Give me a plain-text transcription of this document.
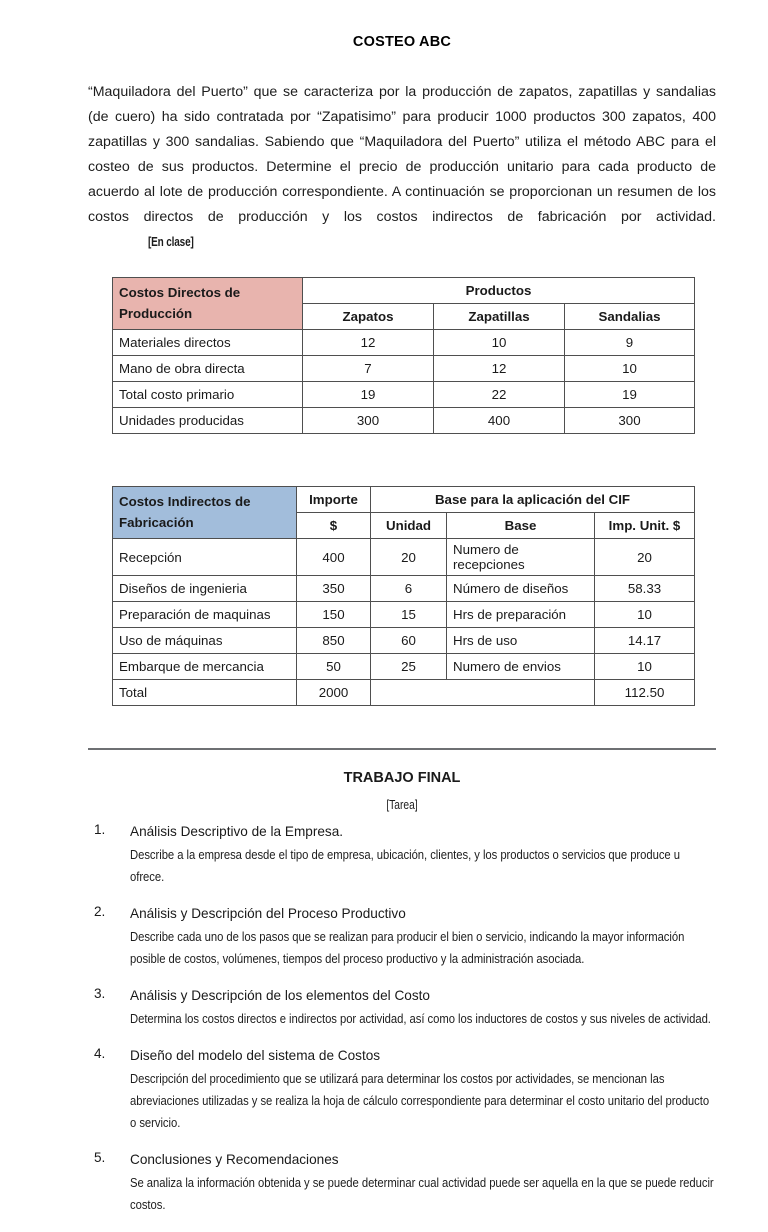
COSTEO ABC

“Maquiladora del Puerto” que se caracteriza por la producción de zapatos, zapatillas y sandalias (de cuero) ha sido contratada por “Zapatisimo” para producir 1000 productos 300 zapatos, 400 zapatillas y 300 sandalias. Sabiendo que “Maquiladora del Puerto” utiliza el método ABC para el costeo de sus productos. Determine el precio de producción unitario para cada producto de acuerdo al lote de producción correspondiente. A continuación se proporcionan un resumen de los costos directos de producción y los costos indirectos de fabricación por actividad.[En clase]

Costos Directos de Producción	Productos		
	Zapatos	Zapatillas	Sandalias
Materiales directos	12	10	9
Mano de obra directa	7	12	10
Total costo primario	19	22	19
Unidades producidas	300	400	300
Costos Indirectos de Fabricación	Importe	Base para la aplicación del CIF		
	$	Unidad	Base	Imp. Unit. $
Recepción	400	20	Numero de recepciones	20
Diseños de ingenieria	350	6	Número de diseños	58.33
Preparación de maquinas	150	15	Hrs de preparación	10
Uso de máquinas	850	60	Hrs de uso	14.17
Embarque de mercancia	50	25	Numero de envios	10
Total	2000			112.50
TRABAJO FINAL
[Tarea]
1. Análisis Descriptivo de la Empresa.
Describe a la empresa desde el tipo de empresa, ubicación, clientes, y los productos o servicios que produce u ofrece.
2. Análisis y Descripción del Proceso Productivo
Describe cada uno de los pasos que se realizan para producir el bien o servicio, indicando la mayor información posible de costos, volúmenes, tiempos del proceso productivo y la administración asociada.
3. Análisis y Descripción de los elementos del Costo
Determina los costos directos e indirectos por actividad, así como los inductores de costos y sus niveles de actividad.
4. Diseño del modelo del sistema de Costos
Descripción del procedimiento que se utilizará para determinar los costos por actividades, se mencionan las abreviaciones utilizadas y se realiza la hoja de cálculo correspondiente para determinar el costo unitario del producto o servicio.
5. Conclusiones y Recomendaciones
Se analiza la información obtenida y se puede determinar cual actividad puede ser aquella en la que se puede reducir costos.
